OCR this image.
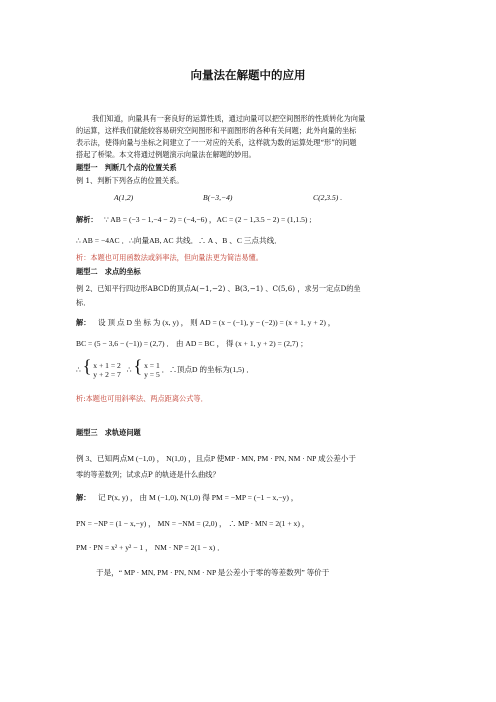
向量法在解题中的应用
我们知道，向量具有一套良好的运算性质，通过向量可以把空间图形的性质转化为向量
的运算，这样我们就能较容易研究空间图形和平面图形的各种有关问题；此外向量的坐标
表示法，使得向量与坐标之间建立了一一对应的关系，这样就为数的运算处理“形”的问题
搭起了桥梁。本文将通过例题演示向量法在解题的妙用。
题型一　判断几个点的位置关系
例 1、判断下列各点的位置关系。
A(1,2)	B(−3,−4)	C(2,3.5) .
解析： ∵ AB = (−3 − 1,−4 − 2) = (−4,−6) ，AC = (2 − 1,3.5 − 2) = (1,1.5) ;
∴ AB = −4AC ．∴向量AB, AC 共线．∴ A 、B 、C 三点共线．
析：本题也可用函数法或斜率法，但向量法更为简洁易懂。
题型二　求点的坐标
例 2、已知平行四边形ABCD的顶点A(−1,−2) 、B(3,−1) 、C(5,6) ，求另一定点D的坐
标．
解： 设 顶 点 D 坐 标 为 (x, y) ， 则 AD = (x − (−1), y − (−2)) = (x + 1, y + 2) ，
BC = (5 − 3,6 − (−1)) = (2,7) ． 由 AD = BC ， 得 (x + 1, y + 2) = (2,7) ；
∴ { x + 1 = 2
y + 2 = 7
∴ { x = 1
y = 5
．∴顶点D 的坐标为(1,5) ．
析:本题也可用斜率法、两点距离公式等．
题型三　求轨迹问题
例 3、已知两点M (−1,0) ， N(1,0) ，且点P 使MP · MN, PM · PN, NM · NP 成公差小于
零的等差数列；试求点P 的轨迹是什么曲线？
解： 记 P(x, y) ， 由 M (−1,0), N(1,0) 得 PM = −MP = (−1 − x,−y) ，
PN = −NP = (1 − x,−y) ， MN = −NM = (2,0) ， ∴ MP · MN = 2(1 + x) ，
PM · PN = x² + y² − 1 ， NM · NP = 2(1 − x) ．
于是，“ MP · MN, PM · PN, NM · NP 是公差小于零的等差数列” 等价于
